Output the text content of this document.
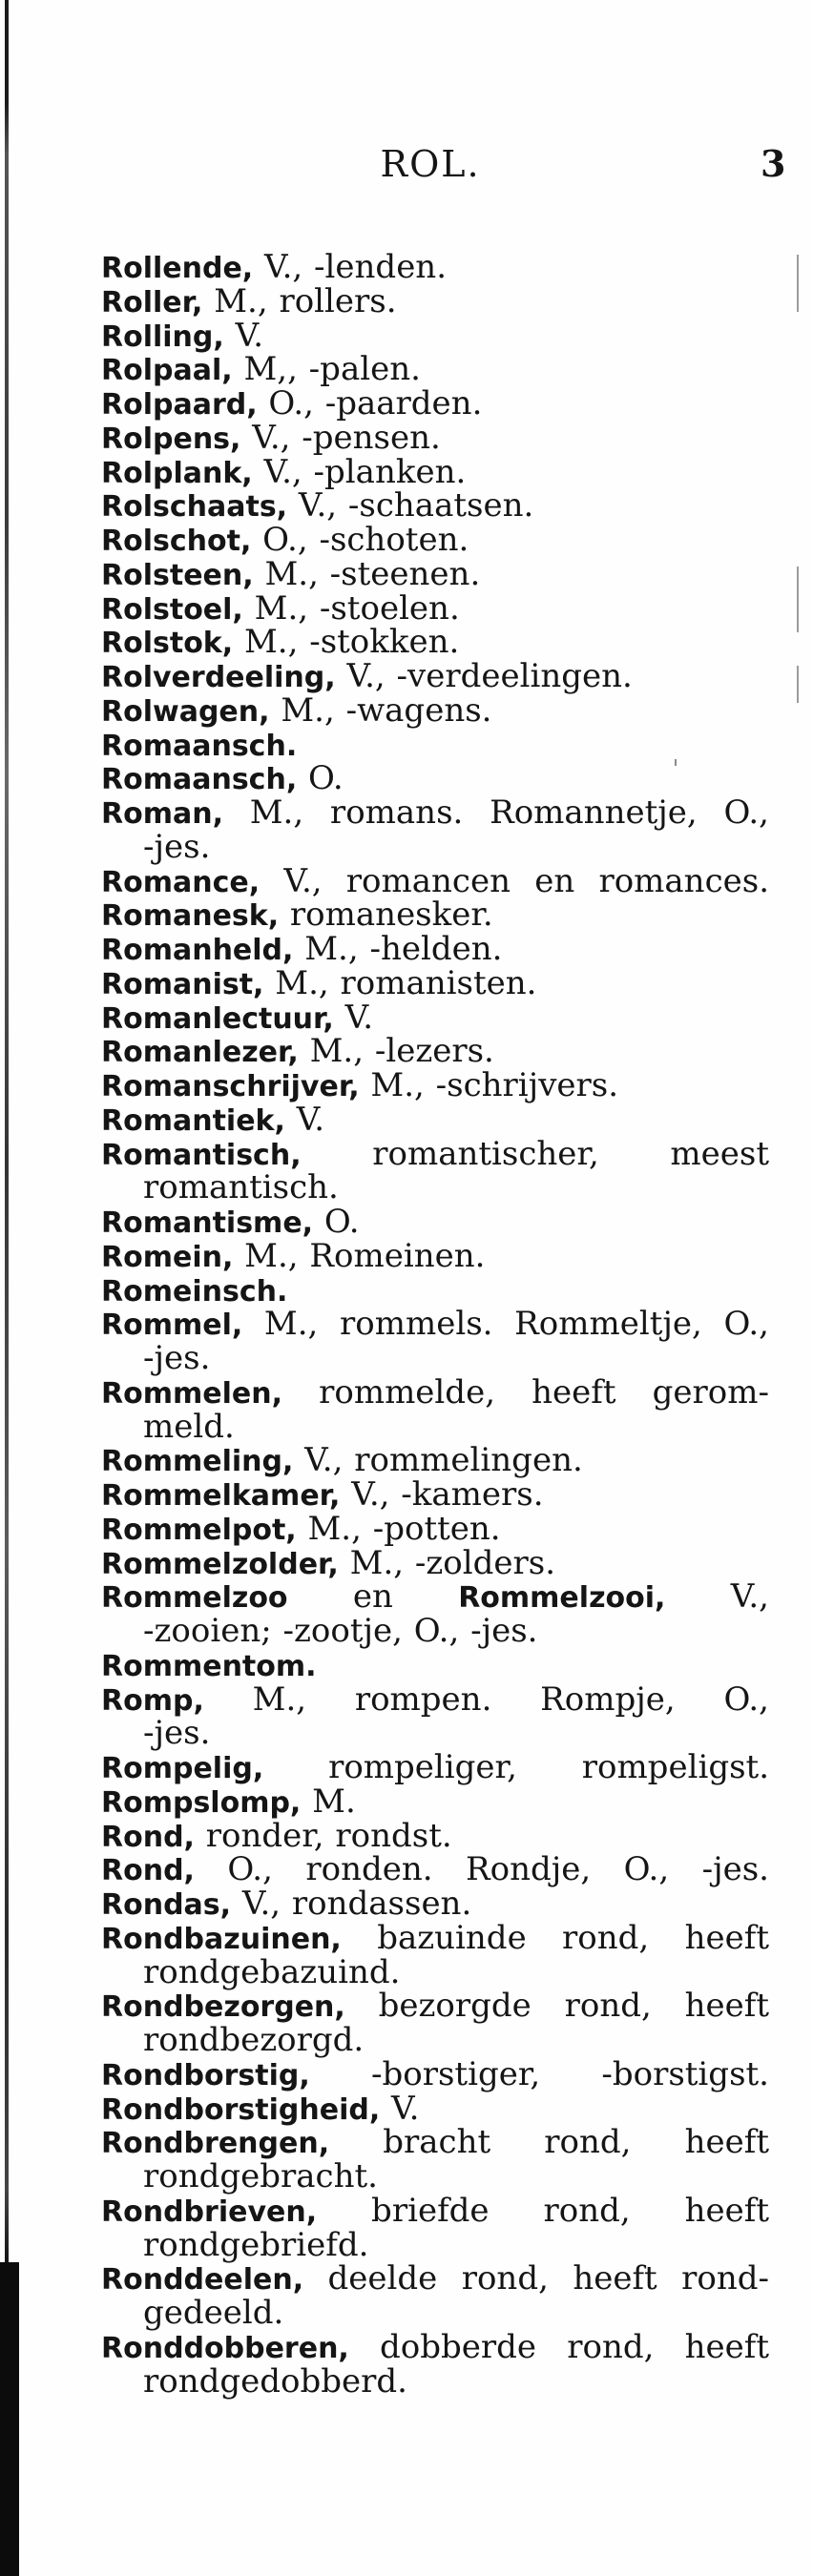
ROL.	3
Rollende, V., -lenden.
Roller, M., rollers.
Rolling, V.
Rolpaal, M,, -palen.
Rolpaard, O., -paarden.
Rolpens, V., -pensen.
Rolplank, V., -planken.
Rolschaats, V., -schaatsen.
Rolschot, O., -schoten.
Rolsteen, M., -steenen.
Rolstoel, M., -stoelen.
Rolstok, M., -stokken.
Rolverdeeling, V., -verdeelingen.
Rolwagen, M., -wagens.
Romaansch.
Romaansch, O.
Roman, M., romans. Romannetje, O.,
-jes.
Romance, V., romancen en romances.
Romanesk, romanesker.
Romanheld, M., -helden.
Romanist, M., romanisten.
Romanlectuur, V.
Romanlezer, M., -lezers.
Romanschrijver, M., -schrijvers.
Romantiek, V.
Romantisch, romantischer, meest
romantisch.
Romantisme, O.
Romein, M., Romeinen.
Romeinsch.
Rommel, M., rommels. Rommeltje, O.,
-jes.
Rommelen, rommelde, heeft gerom-
meld.
Rommeling, V., rommelingen.
Rommelkamer, V., -kamers.
Rommelpot, M., -potten.
Rommelzolder, M., -zolders.
Rommelzoo en Rommelzooi, V.,
-zooien; -zootje, O., -jes.
Rommentom.
Romp, M., rompen. Rompje, O.,
-jes.
Rompelig, rompeliger, rompeligst.
Rompslomp, M.
Rond, ronder, rondst.
Rond, O., ronden. Rondje, O., -jes.
Rondas, V., rondassen.
Rondbazuinen, bazuinde rond, heeft
rondgebazuind.
Rondbezorgen, bezorgde rond, heeft
rondbezorgd.
Rondborstig, -borstiger, -borstigst.
Rondborstigheid, V.
Rondbrengen, bracht rond, heeft
rondgebracht.
Rondbrieven, briefde rond, heeft
rondgebriefd.
Ronddeelen, deelde rond, heeft rond-
gedeeld.
Ronddobberen, dobberde rond, heeft
rondgedobberd.
